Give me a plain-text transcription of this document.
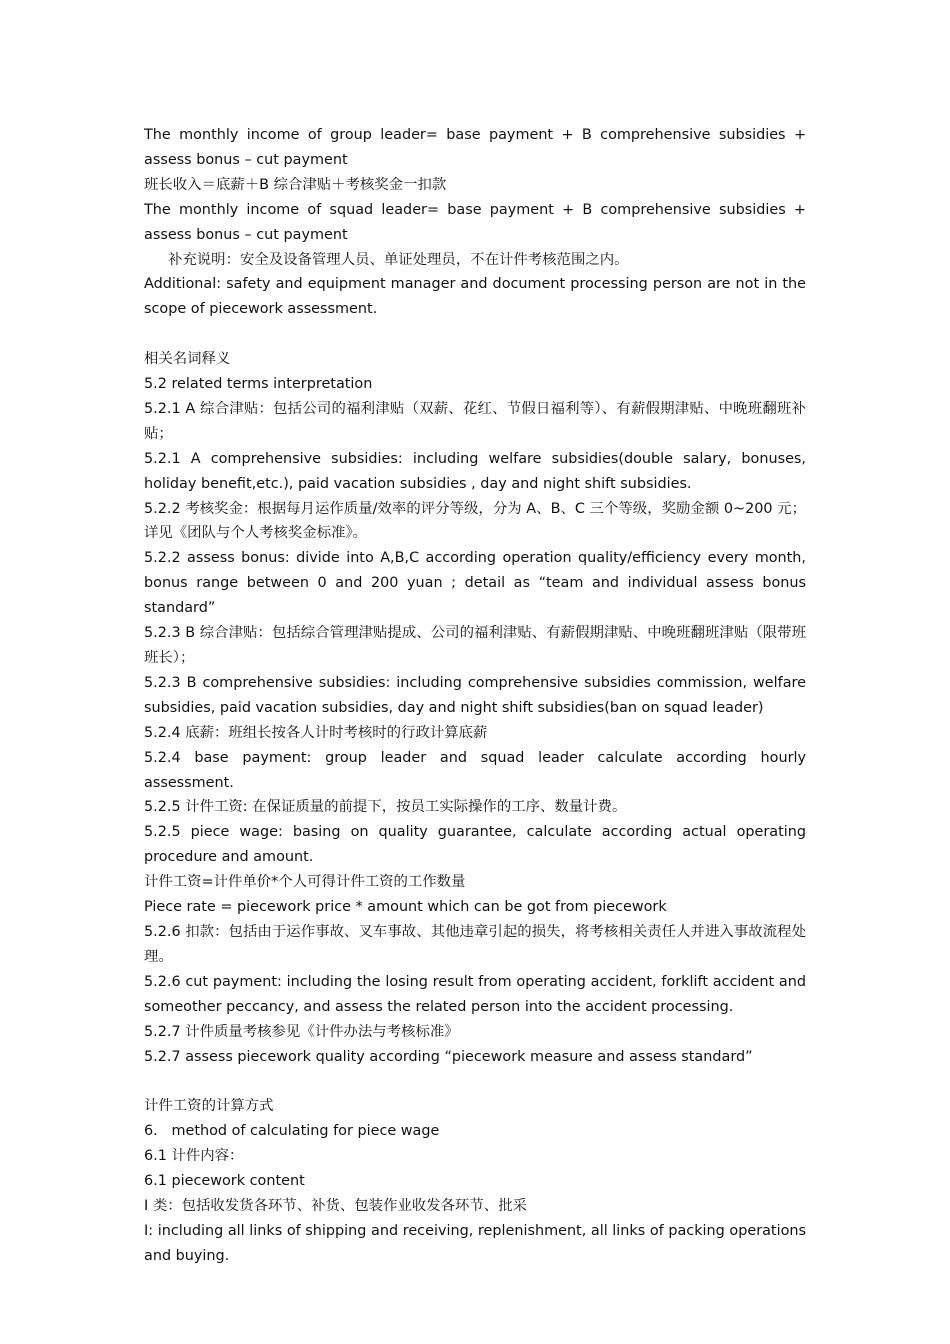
The monthly income of group leader= base payment + B comprehensive subsidies + assess bonus – cut payment

班长收入＝底薪＋B 综合津贴＋考核奖金一扣款

The monthly income of squad leader= base payment + B comprehensive subsidies + assess bonus – cut payment

补充说明：安全及设备管理人员、单证处理员，不在计件考核范围之内。

Additional: safety and equipment manager and document processing person are not in the scope of piecework assessment.

相关名词释义

5.2 related terms interpretation

5.2.1 A 综合津贴：包括公司的福利津贴（双薪、花红、节假日福利等）、有薪假期津贴、中晚班翻班补贴；

5.2.1 A comprehensive subsidies: including welfare subsidies(double salary, bonuses, holiday benefit,etc.), paid vacation subsidies , day and night shift subsidies.

5.2.2 考核奖金：根据每月运作质量/效率的评分等级，分为 A、B、C 三个等级，奖励金额 0~200 元；详见《团队与个人考核奖金标准》。

5.2.2 assess bonus: divide into A,B,C according operation quality/efficiency every month, bonus range between 0 and 200 yuan ; detail as “team and individual assess bonus standard”

5.2.3 B 综合津贴：包括综合管理津贴提成、公司的福利津贴、有薪假期津贴、中晚班翻班津贴（限带班班长）；

5.2.3 B comprehensive subsidies: including comprehensive subsidies commission, welfare subsidies, paid vacation subsidies, day and night shift subsidies(ban on squad leader)

5.2.4 底薪：班组长按各人计时考核时的行政计算底薪

5.2.4 base payment: group leader and squad leader calculate according hourly assessment.

5.2.5 计件工资: 在保证质量的前提下，按员工实际操作的工序、数量计费。

5.2.5 piece wage: basing on quality guarantee, calculate according actual operating procedure and amount.

计件工资=计件单价*个人可得计件工资的工作数量

Piece rate = piecework price * amount which can be got from piecework

5.2.6 扣款：包括由于运作事故、叉车事故、其他违章引起的损失，将考核相关责任人并进入事故流程处理。

5.2.6 cut payment: including the losing result from operating accident, forklift accident and someother peccancy, and assess the related person into the accident processing.

5.2.7 计件质量考核参见《计件办法与考核标准》

5.2.7 assess piecework quality according “piecework measure and assess standard”

计件工资的计算方式

6.   method of calculating for piece wage

6.1 计件内容：

6.1 piecework content

I 类：包括收发货各环节、补货、包装作业收发各环节、批采

I: including all links of shipping and receiving, replenishment, all links of packing operations and buying.
